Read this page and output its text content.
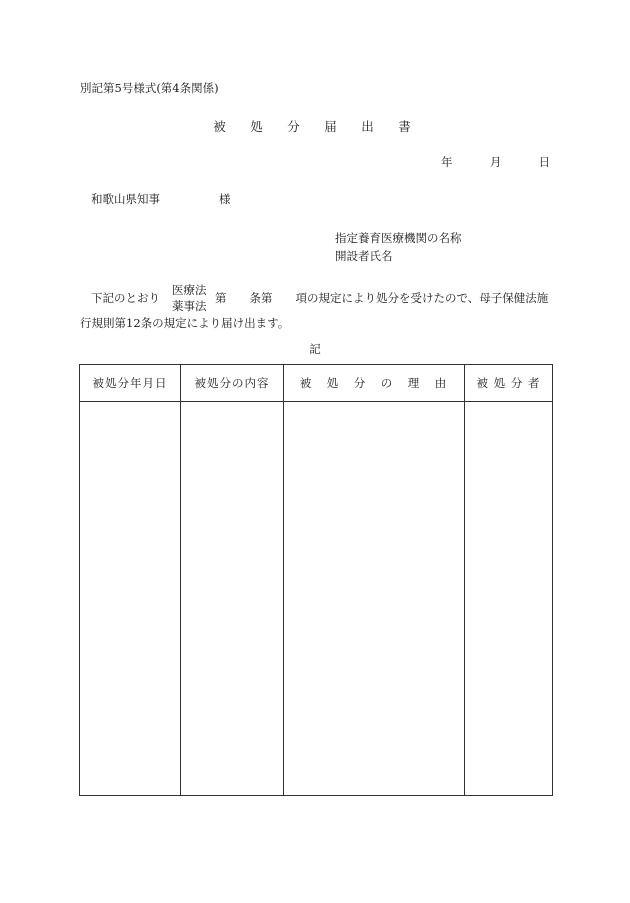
別記第5号様式(第4条関係)
被　処　分　届　出　書
年	月	日
和歌山県知事	様
指定養育医療機関の名称
開設者氏名
下記のとおり
医療法
薬事法
第　　条第　　項の規定により処分を受けたので、母子保健法施
行規則第12条の規定により届け出ます。
記
被処分年月日	被処分の内容	被　処　分　の　理　由	被 処 分 者
